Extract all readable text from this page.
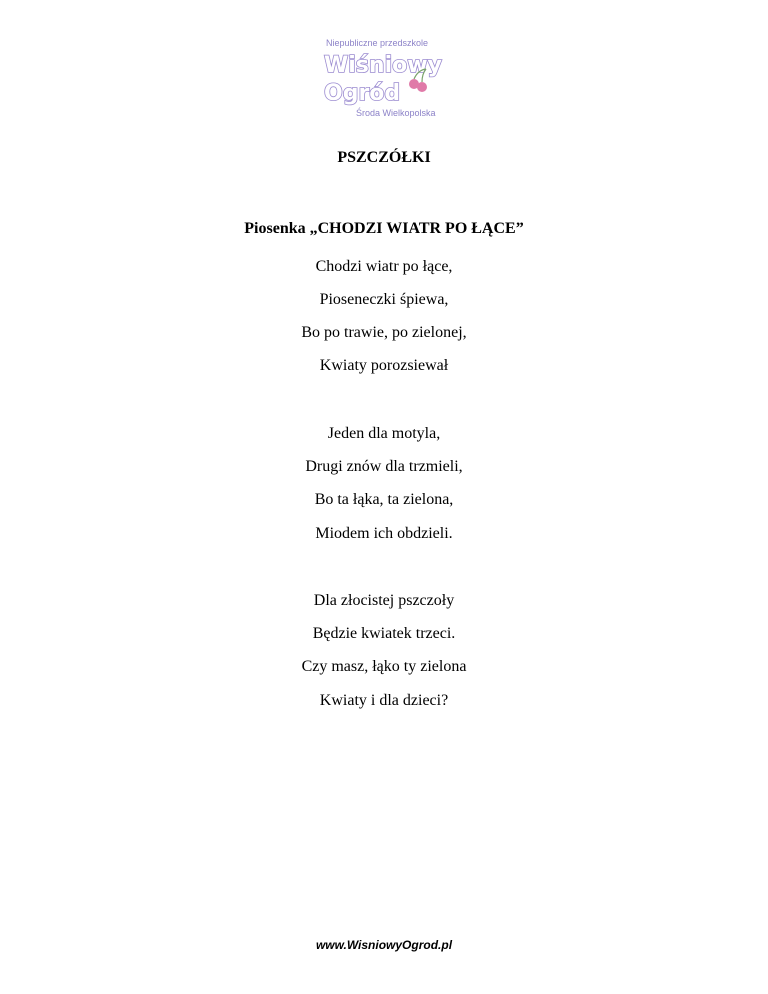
Niepubliczne przedszkole
Wiśniowy
Ogród
Środa Wielkopolska
PSZCZÓŁKI
Piosenka „CHODZI WIATR PO ŁĄCE”
Chodzi wiatr po łące,
Pioseneczki śpiewa,
Bo po trawie, po zielonej,
Kwiaty porozsiewał
Jeden dla motyla,
Drugi znów dla trzmieli,
Bo ta łąka, ta zielona,
Miodem ich obdzieli.
Dla złocistej pszczoły
Będzie kwiatek trzeci.
Czy masz, łąko ty zielona
Kwiaty i dla dzieci?
www.WisniowyOgrod.pl
